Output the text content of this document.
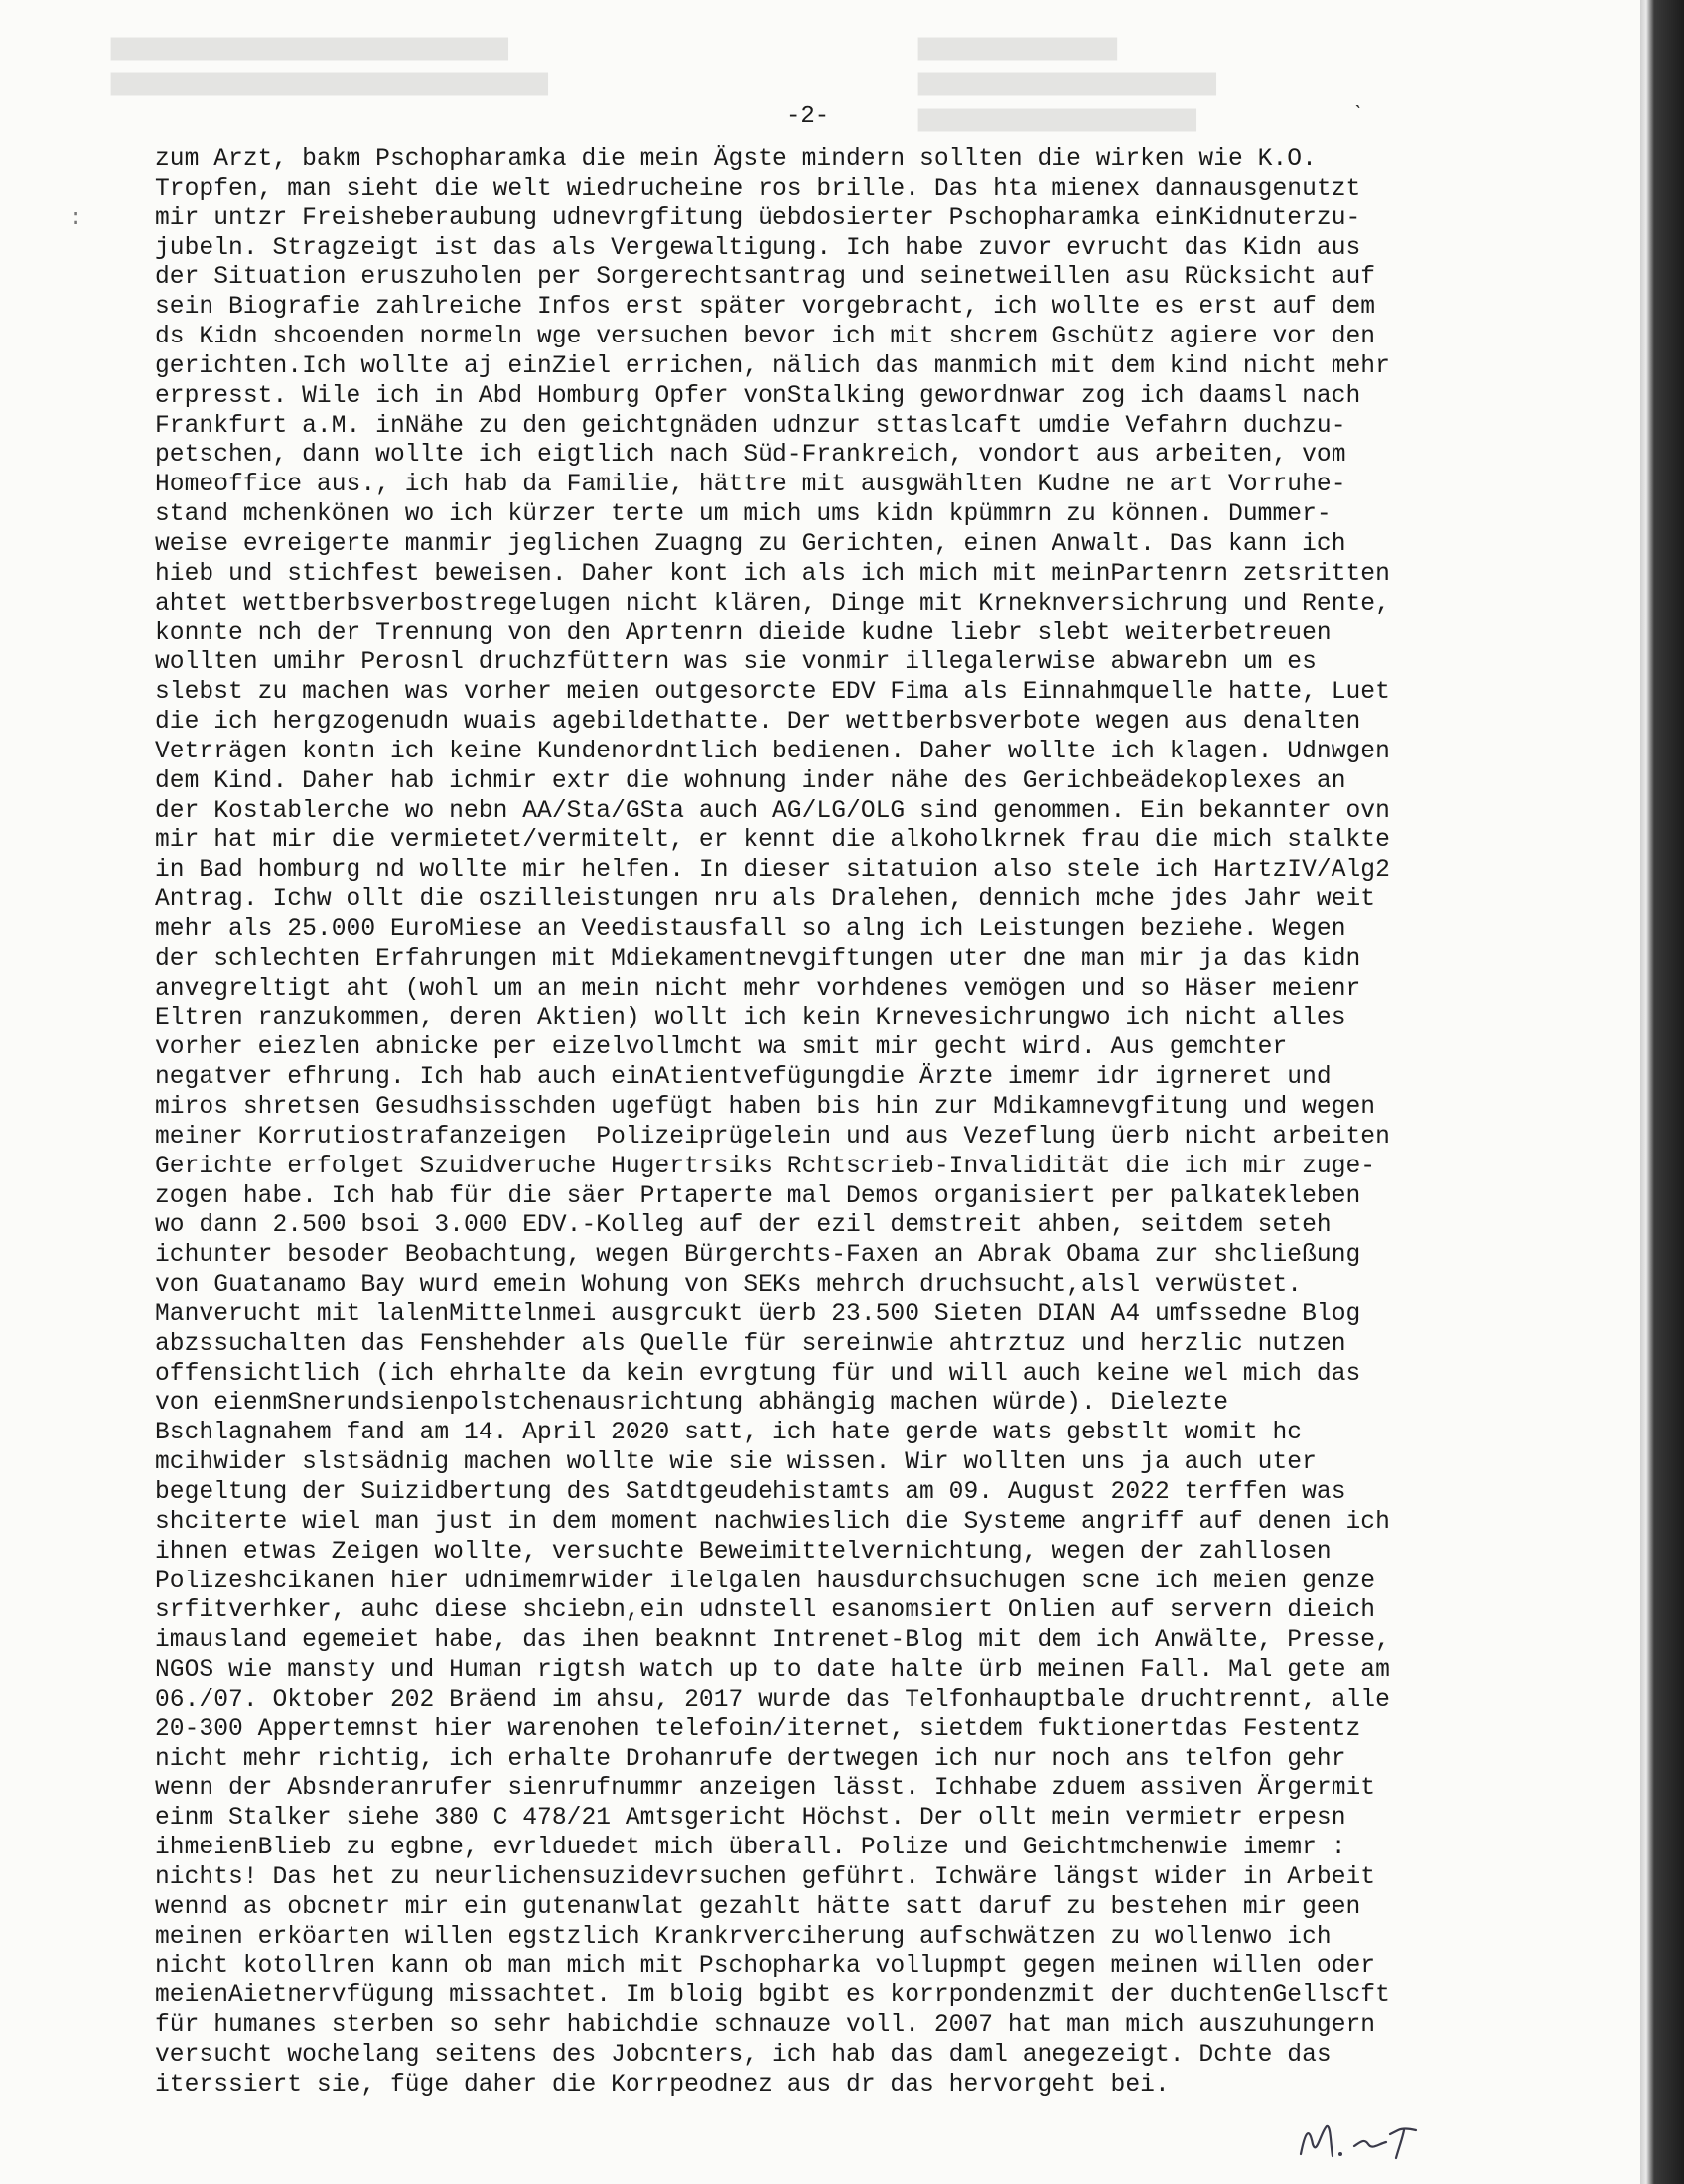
▆▆▆▆▆▆▆▆▆▆▆▆▆▆▆▆▆▆▆▆
▆▆▆▆▆▆▆▆▆▆▆▆▆▆▆▆▆▆▆▆▆▆
▆▆▆▆▆▆▆▆▆▆
▆▆▆▆▆▆▆▆▆▆▆▆▆▆▆
▆▆▆▆▆▆▆▆▆▆▆▆▆▆
-2-	ˋ
:
zum Arzt, bakm Pschopharamka die mein Ägste mindern sollten die wirken wie K.O.
Tropfen, man sieht die welt wiedrucheine ros brille. Das hta mienex dannausgenutzt
mir untzr Freisheberaubung udnevrgfitung üebdosierter Pschopharamka einKidnuterzu-
jubeln. Stragzeigt ist das als Vergewaltigung. Ich habe zuvor evrucht das Kidn aus
der Situation eruszuholen per Sorgerechtsantrag und seinetweillen asu Rücksicht auf
sein Biografie zahlreiche Infos erst später vorgebracht, ich wollte es erst auf dem
ds Kidn shcoenden normeln wge versuchen bevor ich mit shcrem Gschütz agiere vor den
gerichten.Ich wollte aj einZiel errichen, nälich das manmich mit dem kind nicht mehr
erpresst. Wile ich in Abd Homburg Opfer vonStalking gewordnwar zog ich daamsl nach
Frankfurt a.M. inNähe zu den geichtgnäden udnzur sttaslcaft umdie Vefahrn duchzu-
petschen, dann wollte ich eigtlich nach Süd-Frankreich, vondort aus arbeiten, vom
Homeoffice aus., ich hab da Familie, hättre mit ausgwählten Kudne ne art Vorruhe-
stand mchenkönen wo ich kürzer terte um mich ums kidn kpümmrn zu können. Dummer-
weise evreigerte manmir jeglichen Zuagng zu Gerichten, einen Anwalt. Das kann ich
hieb und stichfest beweisen. Daher kont ich als ich mich mit meinPartenrn zetsritten
ahtet wettberbsverbostregelugen nicht klären, Dinge mit Krneknversichrung und Rente,
konnte nch der Trennung von den Aprtenrn dieide kudne liebr slebt weiterbetreuen
wollten umihr Perosnl druchzfüttern was sie vonmir illegalerwise abwarebn um es
slebst zu machen was vorher meien outgesorcte EDV Fima als Einnahmquelle hatte, Luet
die ich hergzogenudn wuais agebildethatte. Der wettberbsverbote wegen aus denalten
Vetrrägen kontn ich keine Kundenordntlich bedienen. Daher wollte ich klagen. Udnwgen
dem Kind. Daher hab ichmir extr die wohnung inder nähe des Gerichbeädekoplexes an
der Kostablerche wo nebn AA/Sta/GSta auch AG/LG/OLG sind genommen. Ein bekannter ovn
mir hat mir die vermietet/vermitelt, er kennt die alkoholkrnek frau die mich stalkte
in Bad homburg nd wollte mir helfen. In dieser sitatuion also stele ich HartzIV/Alg2
Antrag. Ichw ollt die oszilleistungen nru als Dralehen, dennich mche jdes Jahr weit
mehr als 25.000 EuroMiese an Veedistausfall so alng ich Leistungen beziehe. Wegen
der schlechten Erfahrungen mit Mdiekamentnevgiftungen uter dne man mir ja das kidn
anvegreltigt aht (wohl um an mein nicht mehr vorhdenes vemögen und so Häser meienr
Eltren ranzukommen, deren Aktien) wollt ich kein Krnevesichrungwo ich nicht alles
vorher eiezlen abnicke per eizelvollmcht wa smit mir gecht wird. Aus gemchter
negatver efhrung. Ich hab auch einAtientvefügungdie Ärzte imemr idr igrneret und
miros shretsen Gesudhsisschden ugefügt haben bis hin zur Mdikamnevgfitung und wegen
meiner Korrutiostrafanzeigen  Polizeiprügelein und aus Vezeflung üerb nicht arbeiten
Gerichte erfolget Szuidveruche Hugertrsiks Rchtscrieb-Invalidität die ich mir zuge-
zogen habe. Ich hab für die säer Prtaperte mal Demos organisiert per palkatekleben
wo dann 2.500 bsoi 3.000 EDV.-Kolleg auf der ezil demstreit ahben, seitdem seteh
ichunter besoder Beobachtung, wegen Bürgerchts-Faxen an Abrak Obama zur shcließung
von Guatanamo Bay wurd emein Wohung von SEKs mehrch druchsucht,alsl verwüstet.
Manverucht mit lalenMittelnmei ausgrcukt üerb 23.500 Sieten DIAN A4 umfssedne Blog
abzssuchalten das Fenshehder als Quelle für sereinwie ahtrztuz und herzlic nutzen
offensichtlich (ich ehrhalte da kein evrgtung für und will auch keine wel mich das
von eienmSnerundsienpolstchenausrichtung abhängig machen würde). Dielezte
Bschlagnahem fand am 14. April 2020 satt, ich hate gerde wats gebstlt womit hc
mcihwider slstsädnig machen wollte wie sie wissen. Wir wollten uns ja auch uter
begeltung der Suizidbertung des Satdtgeudehistamts am 09. August 2022 terffen was
shciterte wiel man just in dem moment nachwieslich die Systeme angriff auf denen ich
ihnen etwas Zeigen wollte, versuchte Beweimittelvernichtung, wegen der zahllosen
Polizeshcikanen hier udnimemrwider ilelgalen hausdurchsuchugen scne ich meien genze
srfitverhker, auhc diese shciebn,ein udnstell esanomsiert Onlien auf servern dieich
imausland egemeiet habe, das ihen beaknnt Intrenet-Blog mit dem ich Anwälte, Presse,
NGOS wie mansty und Human rigtsh watch up to date halte ürb meinen Fall. Mal gete am
06./07. Oktober 202 Bräend im ahsu, 2017 wurde das Telfonhauptbale druchtrennt, alle
20-300 Appertemnst hier warenohen telefoin/iternet, sietdem fuktionertdas Festentz
nicht mehr richtig, ich erhalte Drohanrufe dertwegen ich nur noch ans telfon gehr
wenn der Absnderanrufer sienrufnummr anzeigen lässt. Ichhabe zduem assiven Ärgermit
einm Stalker siehe 380 C 478/21 Amtsgericht Höchst. Der ollt mein vermietr erpesn
ihmeienBlieb zu egbne, evrlduedet mich überall. Polize und Geichtmchenwie imemr :
nichts! Das het zu neurlichensuzidevrsuchen geführt. Ichwäre längst wider in Arbeit
wennd as obcnetr mir ein gutenanwlat gezahlt hätte satt daruf zu bestehen mir geen
meinen erköarten willen egstzlich Krankrverciherung aufschwätzen zu wollenwo ich
nicht kotollren kann ob man mich mit Pschopharka vollupmpt gegen meinen willen oder
meienAietnervfügung missachtet. Im bloig bgibt es korrpondenzmit der duchtenGellscft
für humanes sterben so sehr habichdie schnauze voll. 2007 hat man mich auszuhungern
versucht wochelang seitens des Jobcnters, ich hab das daml anegezeigt. Dchte das
iterssiert sie, füge daher die Korrpeodnez aus dr das hervorgeht bei.
